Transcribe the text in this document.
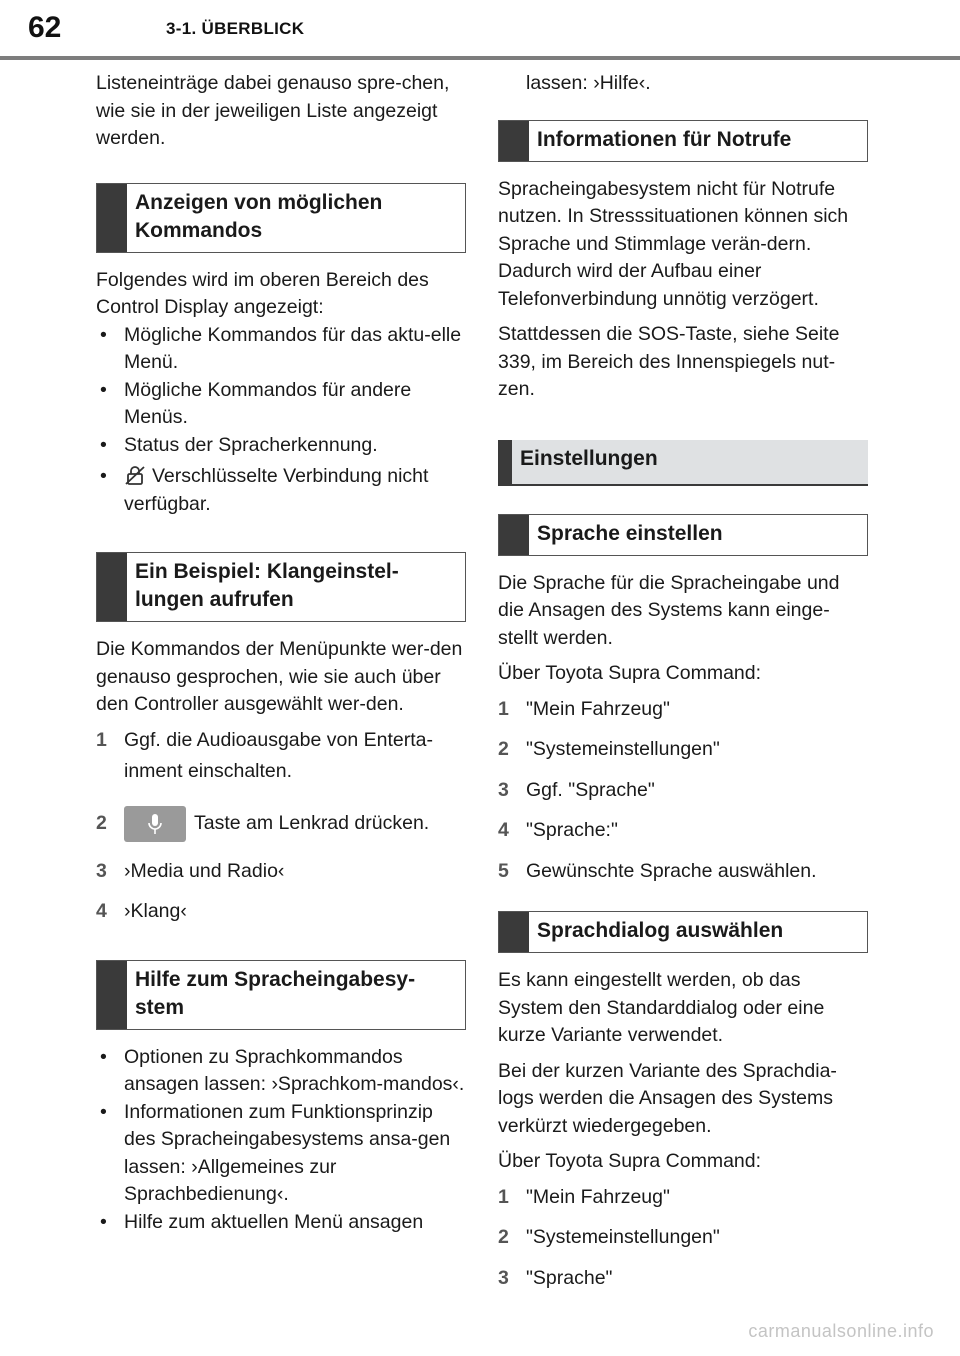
62	3-1. ÜBERBLICK

Listeneinträge dabei genauso spre-chen, wie sie in der jeweiligen Liste angezeigt werden.

Anzeigen von möglichen Kommandos

Folgendes wird im oberen Bereich des Control Display angezeigt:

• Mögliche Kommandos für das aktu-elle Menü.
• Mögliche Kommandos für andere Menüs.
• Status der Spracherkennung.
• Verschlüsselte Verbindung nicht verfügbar.
Ein Beispiel: Klangeinstel-lungen aufrufen

Die Kommandos der Menüpunkte wer-den genauso gesprochen, wie sie auch über den Controller ausgewählt wer-den.

1 Ggf. die Audioausgabe von Enterta-
inment einschalten.
2	Taste am Lenkrad drücken.
3 ›Media und Radio‹
4 ›Klang‹
Hilfe zum Spracheingabesy-stem
• Optionen zu Sprachkommandos ansagen lassen: ›Sprachkom-mandos‹.
• Informationen zum Funktionsprinzip des Spracheingabesystems ansa-gen lassen: ›Allgemeines zur Sprachbedienung‹.
• Hilfe zum aktuellen Menü ansagen

lassen: ›Hilfe‹.

Informationen für Notrufe

Spracheingabesystem nicht für Notrufe nutzen. In Stresssituationen können sich Sprache und Stimmlage verän-dern. Dadurch wird der Aufbau einer Telefonverbindung unnötig verzögert.

Stattdessen die SOS-Taste, siehe Seite 339, im Bereich des Innenspiegels nut-zen.

Einstellungen
Sprache einstellen

Die Sprache für die Spracheingabe und die Ansagen des Systems kann einge-stellt werden.

Über Toyota Supra Command:

1 "Mein Fahrzeug"
2 "Systemeinstellungen"
3 Ggf. "Sprache"
4 "Sprache:"
5 Gewünschte Sprache auswählen.
Sprachdialog auswählen

Es kann eingestellt werden, ob das System den Standarddialog oder eine kurze Variante verwendet.

Bei der kurzen Variante des Sprachdia-logs werden die Ansagen des Systems verkürzt wiedergegeben.

Über Toyota Supra Command:

1 "Mein Fahrzeug"
2 "Systemeinstellungen"
3 "Sprache"
carmanualsonline.info
